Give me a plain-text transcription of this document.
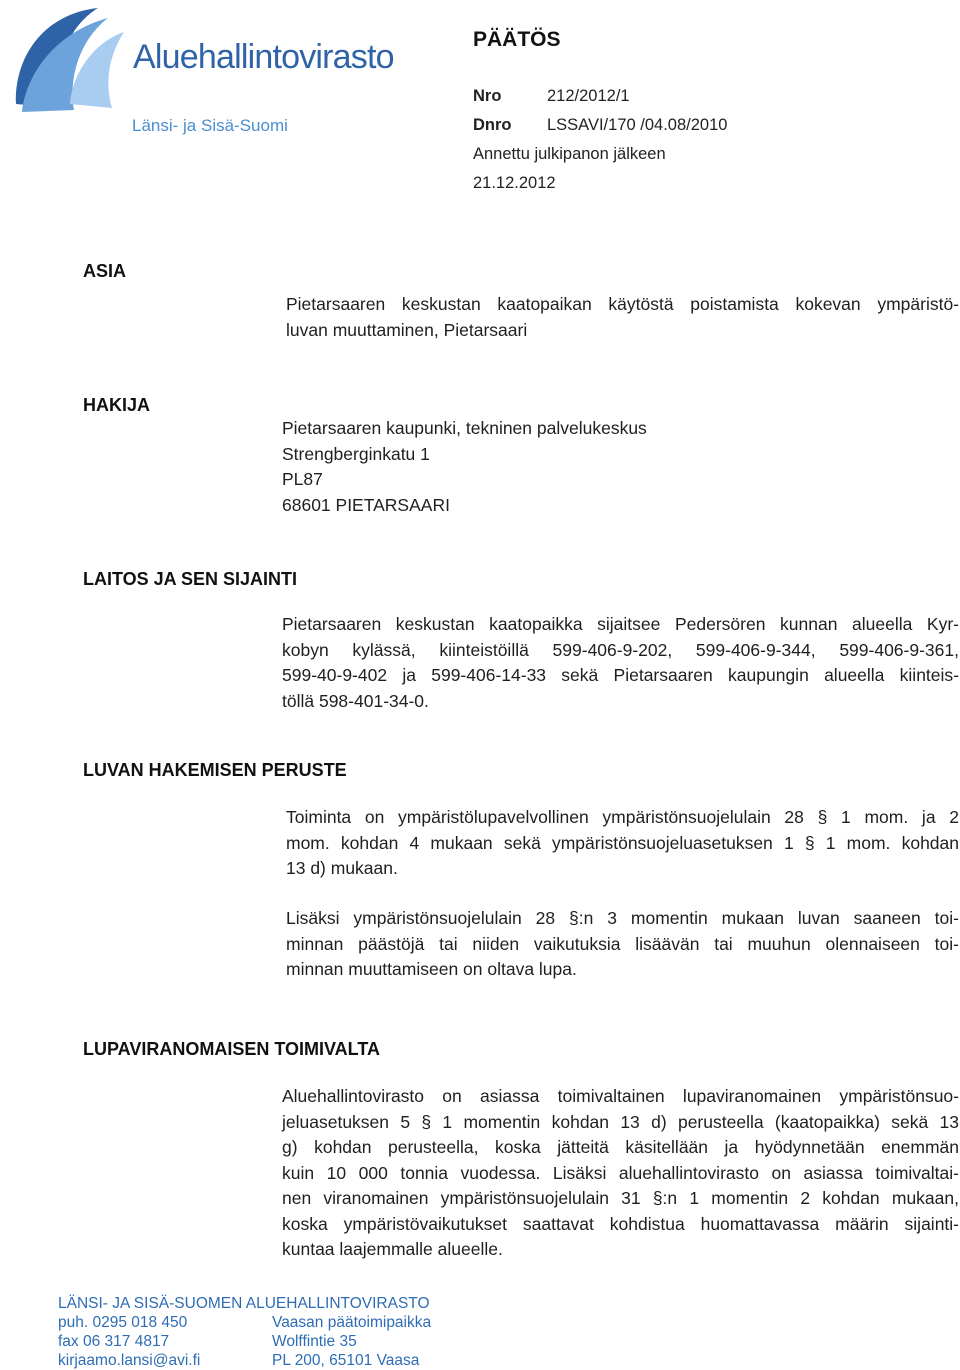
Aluehallintovirasto
Länsi- ja Sisä-Suomi
PÄÄTÖS
Nro	212/2012/1
Dnro LSSAVI/170 /04.08/2010
Annettu julkipanon jälkeen
21.12.2012
ASIA
Pietarsaaren keskustan kaatopaikan käytöstä poistamista kokevan ympäristö-
luvan muuttaminen, Pietarsaari
HAKIJA
Pietarsaaren kaupunki, tekninen palvelukeskus
Strengberginkatu 1
PL87
68601 PIETARSAARI
LAITOS JA SEN SIJAINTI
Pietarsaaren keskustan kaatopaikka sijaitsee Pedersören kunnan alueella Kyr-
kobyn kylässä, kiinteistöillä 599-406-9-202, 599-406-9-344, 599-406-9-361,
599-40-9-402 ja 599-406-14-33 sekä Pietarsaaren kaupungin alueella kiinteis-
töllä 598-401-34-0.
LUVAN HAKEMISEN PERUSTE
Toiminta on ympäristölupavelvollinen ympäristönsuojelulain 28 § 1 mom. ja 2
mom. kohdan 4 mukaan sekä ympäristönsuojeluasetuksen 1 § 1 mom. kohdan
13 d) mukaan.
Lisäksi ympäristönsuojelulain 28 §:n 3 momentin mukaan luvan saaneen toi-
minnan päästöjä tai niiden vaikutuksia lisäävän tai muuhun olennaiseen toi-
minnan muuttamiseen on oltava lupa.
LUPAVIRANOMAISEN TOIMIVALTA
Aluehallintovirasto on asiassa toimivaltainen lupaviranomainen ympäristönsuo-
jeluasetuksen 5 § 1 momentin kohdan 13 d) perusteella (kaatopaikka) sekä 13
g) kohdan perusteella, koska jätteitä käsitellään ja hyödynnetään enemmän
kuin 10 000 tonnia vuodessa. Lisäksi aluehallintovirasto on asiassa toimivaltai-
nen viranomainen ympäristönsuojelulain 31 §:n 1 momentin 2 kohdan mukaan,
koska ympäristövaikutukset saattavat kohdistua huomattavassa määrin sijainti-
kuntaa laajemmalle alueelle.
LÄNSI- JA SISÄ-SUOMEN ALUEHALLINTOVIRASTO
puh. 0295 018 450
fax 06 317 4817
kirjaamo.lansi@avi.fi
Vaasan päätoimipaikka
Wolffintie 35
PL 200, 65101 Vaasa
